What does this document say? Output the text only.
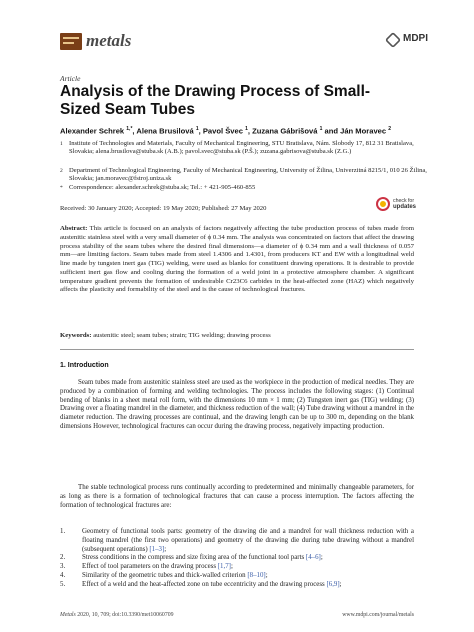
metals	MDPI
Article
Analysis of the Drawing Process of Small-Sized Seam Tubes
Alexander Schrek $^{1,*}$, Alena Brusilová $^1$, Pavol Švec $^1$, Zuzana Gábrišová $^1$ and Ján Moravec $^2$
1 Institute of Technologies and Materials, Faculty of Mechanical Engineering, STU Bratislava, Nám. Slobody 17, 812 31 Bratislava, Slovakia; alena.brusilova@stuba.sk (A.B.); pavol.svec@stuba.sk (P.Š.); zuzana.gabrisova@stuba.sk (Z.G.)
2 Department of Technological Engineering, Faculty of Mechanical Engineering, University of Žilina, Univerzitná 8215/1, 010 26 Žilina, Slovakia; jan.moravec@fstroj.uniza.sk
* Correspondence: alexander.schrek@stuba.sk; Tel.: + 421-905-460-855
Received: 30 January 2020; Accepted: 19 May 2020; Published: 27 May 2020
check for
updates
Abstract: This article is focused on an analysis of factors negatively affecting the tube production process of tubes made from austenitic stainless steel with a very small diameter of ϕ 0.34 mm. The analysis was concentrated on factors that affect the drawing process stability of the seam tubes where the desired final dimensions—a diameter of ϕ 0.34 mm and a wall thickness of 0.057 mm—are limiting factors. Seam tubes made from steel 1.4306 and 1.4301, from producers KT and EW with a longitudinal weld line made by tungsten inert gas (TIG) welding, were used as blanks for constituent drawing operations. It is desirable to provide sufficient inert gas flow and cooling during the formation of a weld joint in a protective atmosphere chamber. A significant temperature gradient prevents the formation of undesirable Cr23C6 carbides in the heat-affected zone (HAZ) which negatively affects the plasticity and formability of the steel and is the cause of technological fractures.
Keywords: austenitic steel; seam tubes; strain; TIG welding; drawing process
1. Introduction
Seam tubes made from austenitic stainless steel are used as the workpiece in the production of medical needles. They are produced by a combination of forming and welding technologies. The process includes the following stages: (1) Continual bending of blanks in a sheet metal roll form, with the dimensions 10 mm × 1 mm; (2) Tungsten inert gas (TIG) welding; (3) Drawing over a floating mandrel in the diameter, and thickness reduction of the wall; (4) Tube drawing without a mandrel in the diameter reduction. The drawing processes are continual, and the drawing length can be up to 300 m, depending on the blank dimensions However, technological fractures can occur during the drawing process, negatively impacting production.
The stable technological process runs continually according to predetermined and minimally changeable parameters, for as long as there is a formation of technological fractures that can cause a process interruption. The factors affecting the formation of technological fractures are:
1. Geometry of functional tools parts: geometry of the drawing die and a mandrel for wall thickness reduction with a floating mandrel (the first two operations) and geometry of the drawing die during tube drawing without a mandrel (subsequent operations) [1–3];
2. Stress conditions in the compress and size fixing area of the functional tool parts [4–6];
3. Effect of tool parameters on the drawing process [1,7];
4. Similarity of the geometric tubes and thick-walled criterion [8–10];
5. Effect of a weld and the heat-affected zone on tube eccentricity and the drawing process [6,9];
Metals 2020, 10, 709; doi:10.3390/met10060709	www.mdpi.com/journal/metals
